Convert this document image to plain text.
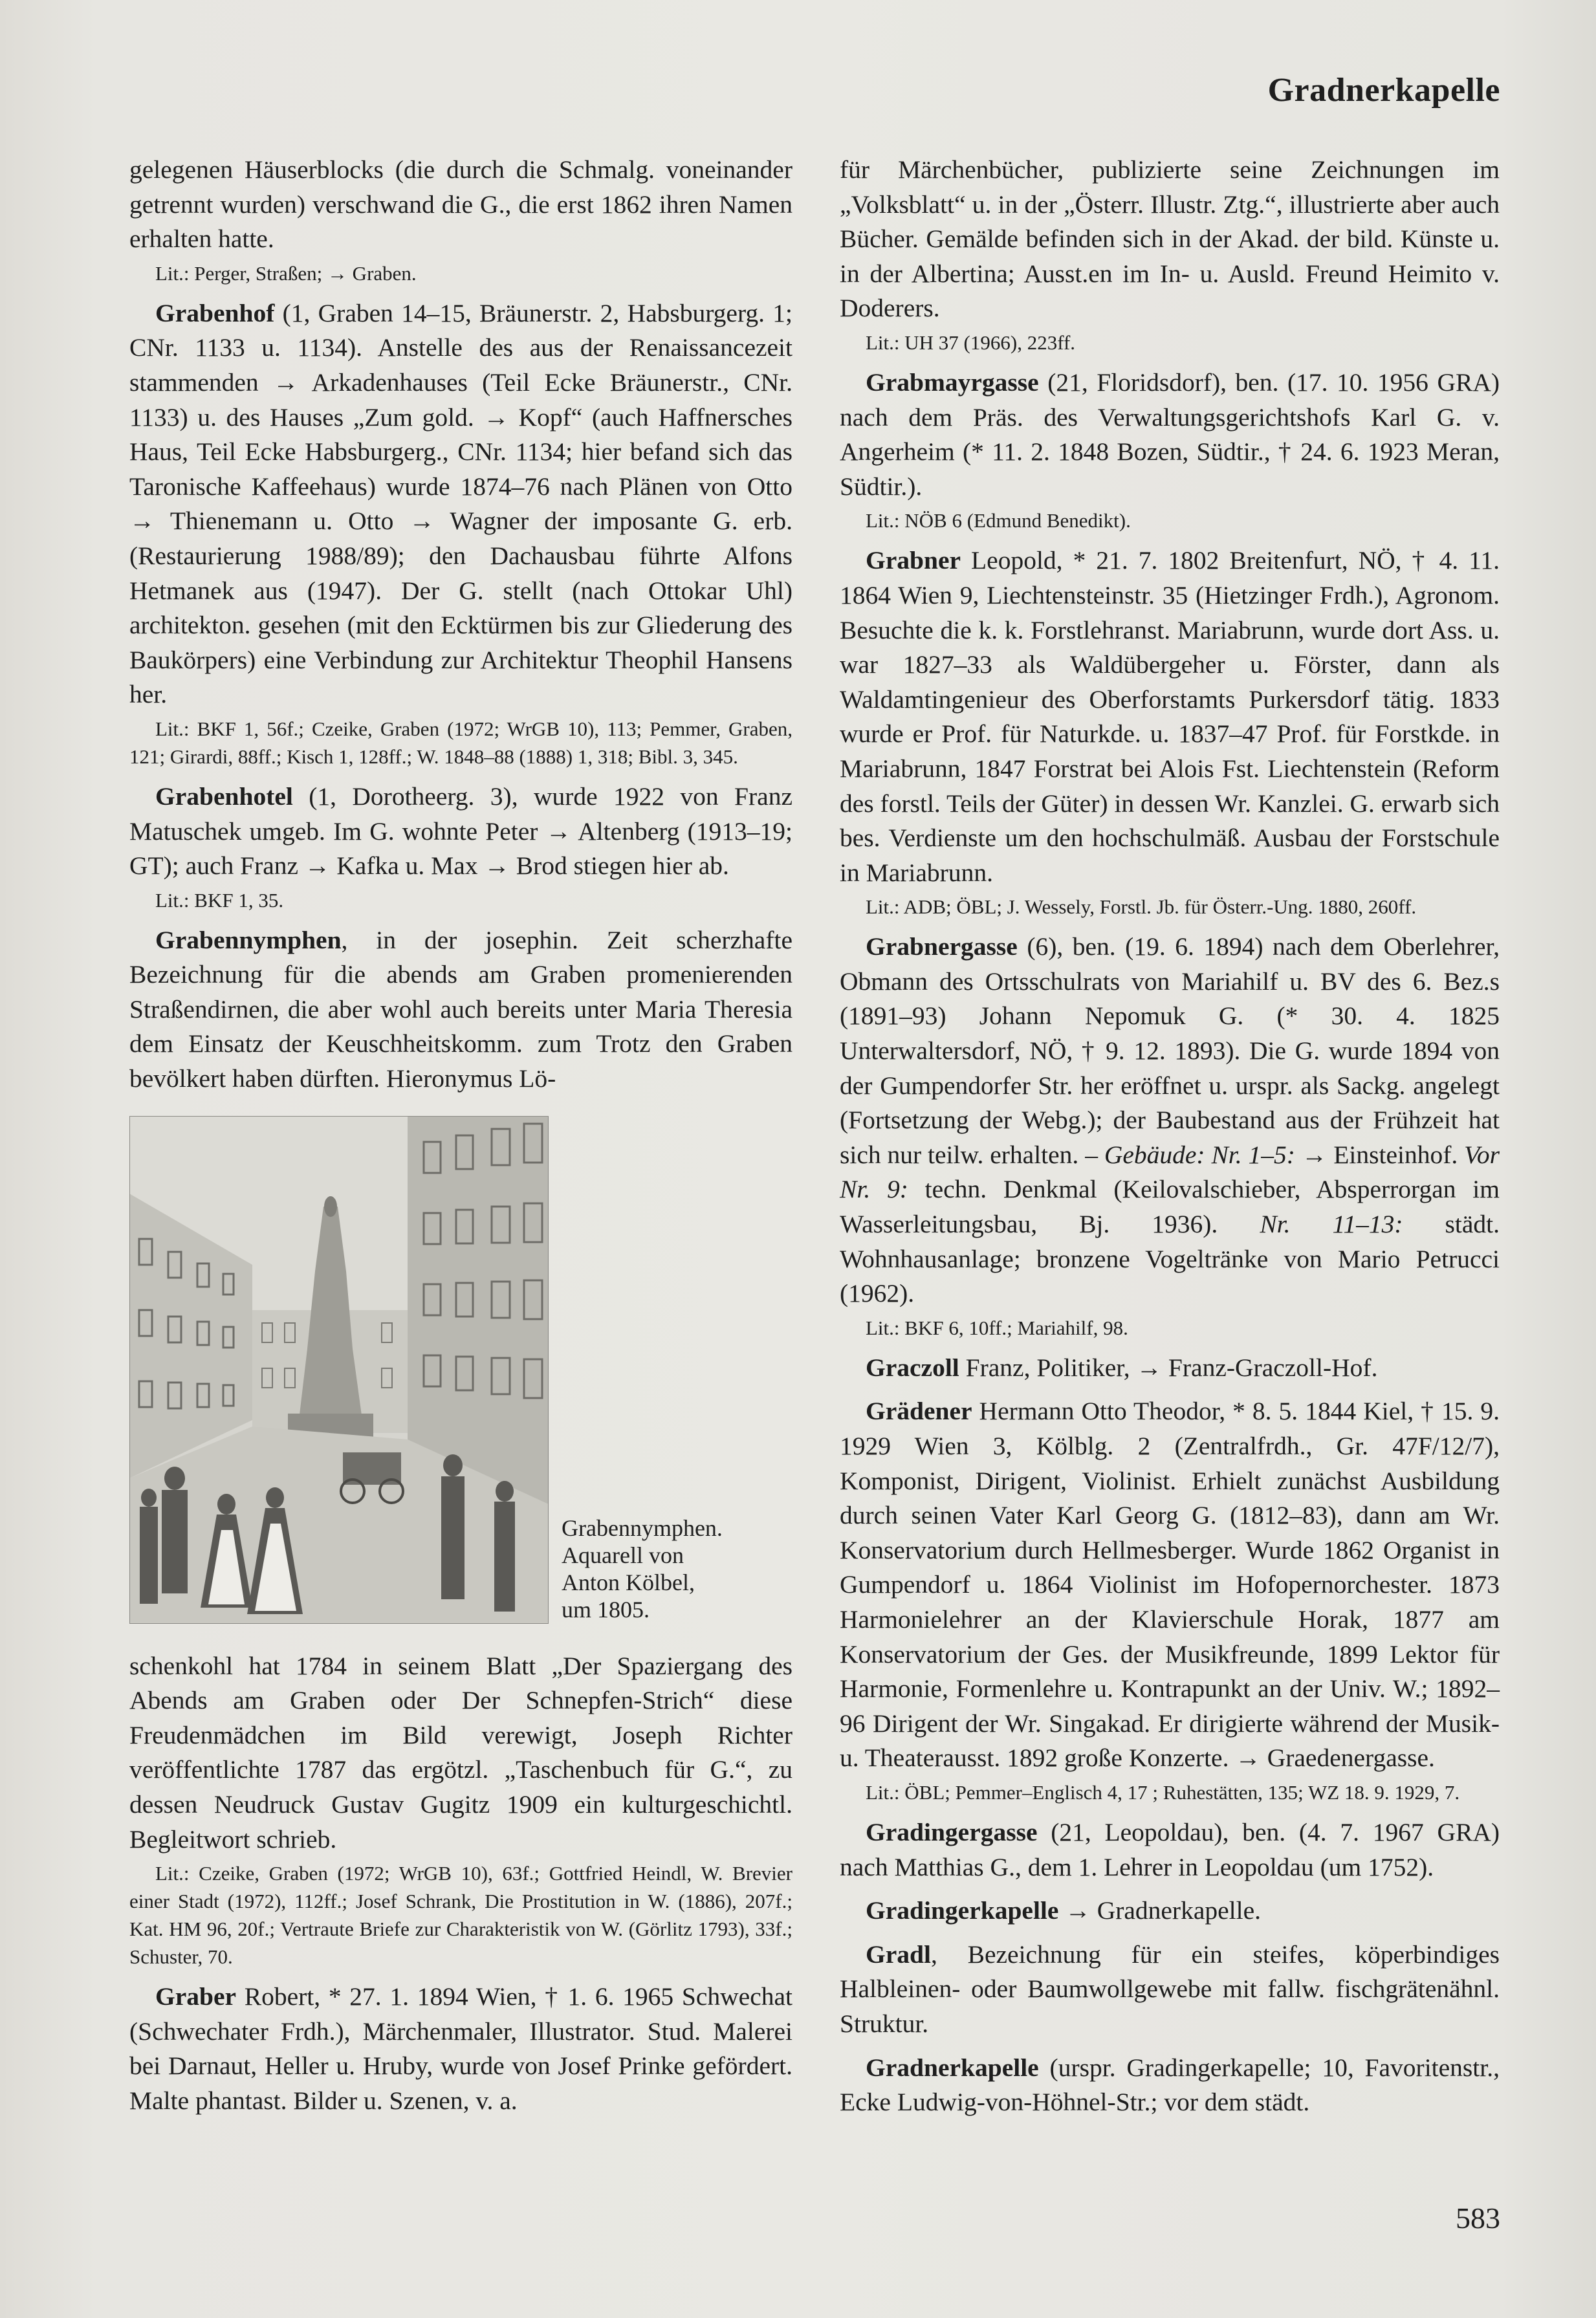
Gradnerkapelle

gelegenen Häuserblocks (die durch die Schmalg. voneinander getrennt wurden) verschwand die G., die erst 1862 ihren Namen erhalten hatte.

Lit.: Perger, Straßen; → Graben.

Grabenhof (1, Graben 14–15, Bräunerstr. 2, Habsburgerg. 1; CNr. 1133 u. 1134). Anstelle des aus der Renaissancezeit stammenden → Arkadenhauses (Teil Ecke Bräunerstr., CNr. 1133) u. des Hauses „Zum gold. → Kopf“ (auch Haffnersches Haus, Teil Ecke Habsburgerg., CNr. 1134; hier befand sich das Taronische Kaffeehaus) wurde 1874–76 nach Plänen von Otto → Thienemann u. Otto → Wagner der imposante G. erb. (Restaurierung 1988/89); den Dachausbau führte Alfons Hetmanek aus (1947). Der G. stellt (nach Ottokar Uhl) architekton. gesehen (mit den Ecktürmen bis zur Gliederung des Baukörpers) eine Verbindung zur Architektur Theophil Hansens her.

Lit.: BKF 1, 56f.; Czeike, Graben (1972; WrGB 10), 113; Pemmer, Graben, 121; Girardi, 88ff.; Kisch 1, 128ff.; W. 1848–88 (1888) 1, 318; Bibl. 3, 345.

Grabenhotel (1, Dorotheerg. 3), wurde 1922 von Franz Matuschek umgeb. Im G. wohnte Peter → Altenberg (1913–19; GT); auch Franz → Kafka u. Max → Brod stiegen hier ab.

Lit.: BKF 1, 35.

Grabennymphen, in der josephin. Zeit scherzhafte Bezeichnung für die abends am Graben promenierenden Straßendirnen, die aber wohl auch bereits unter Maria Theresia dem Einsatz der Keuschheitskomm. zum Trotz den Graben bevölkert haben dürften. Hieronymus Lö-

Grabennymphen.
Aquarell von
Anton Kölbel,
um 1805.

schenkohl hat 1784 in seinem Blatt „Der Spaziergang des Abends am Graben oder Der Schnepfen-Strich“ diese Freudenmädchen im Bild verewigt, Joseph Richter veröffentlichte 1787 das ergötzl. „Taschenbuch für G.“, zu dessen Neudruck Gustav Gugitz 1909 ein kulturgeschichtl. Begleitwort schrieb.

Lit.: Czeike, Graben (1972; WrGB 10), 63f.; Gottfried Heindl, W. Brevier einer Stadt (1972), 112ff.; Josef Schrank, Die Prostitution in W. (1886), 207f.; Kat. HM 96, 20f.; Vertraute Briefe zur Charakteristik von W. (Görlitz 1793), 33f.; Schuster, 70.

Graber Robert, * 27. 1. 1894 Wien, † 1. 6. 1965 Schwechat (Schwechater Frdh.), Märchenmaler, Illustrator. Stud. Malerei bei Darnaut, Heller u. Hruby, wurde von Josef Prinke gefördert. Malte phantast. Bilder u. Szenen, v. a.

für Märchenbücher, publizierte seine Zeichnungen im „Volksblatt“ u. in der „Österr. Illustr. Ztg.“, illustrierte aber auch Bücher. Gemälde befinden sich in der Akad. der bild. Künste u. in der Albertina; Ausst.en im In- u. Ausld. Freund Heimito v. Doderers.

Lit.: UH 37 (1966), 223ff.

Grabmayrgasse (21, Floridsdorf), ben. (17. 10. 1956 GRA) nach dem Präs. des Verwaltungsgerichtshofs Karl G. v. Angerheim (* 11. 2. 1848 Bozen, Südtir., † 24. 6. 1923 Meran, Südtir.).

Lit.: NÖB 6 (Edmund Benedikt).

Grabner Leopold, * 21. 7. 1802 Breitenfurt, NÖ, † 4. 11. 1864 Wien 9, Liechtensteinstr. 35 (Hietzinger Frdh.), Agronom. Besuchte die k. k. Forstlehranst. Mariabrunn, wurde dort Ass. u. war 1827–33 als Waldübergeher u. Förster, dann als Waldamtingenieur des Oberforstamts Purkersdorf tätig. 1833 wurde er Prof. für Naturkde. u. 1837–47 Prof. für Forstkde. in Mariabrunn, 1847 Forstrat bei Alois Fst. Liechtenstein (Reform des forstl. Teils der Güter) in dessen Wr. Kanzlei. G. erwarb sich bes. Verdienste um den hochschulmäß. Ausbau der Forstschule in Mariabrunn.

Lit.: ADB; ÖBL; J. Wessely, Forstl. Jb. für Österr.-Ung. 1880, 260ff.

Grabnergasse (6), ben. (19. 6. 1894) nach dem Oberlehrer, Obmann des Ortsschulrats von Mariahilf u. BV des 6. Bez.s (1891–93) Johann Nepomuk G. (* 30. 4. 1825 Unterwaltersdorf, NÖ, † 9. 12. 1893). Die G. wurde 1894 von der Gumpendorfer Str. her eröffnet u. urspr. als Sackg. angelegt (Fortsetzung der Webg.); der Baubestand aus der Frühzeit hat sich nur teilw. erhalten. – Gebäude: Nr. 1–5: → Einsteinhof. Vor Nr. 9: techn. Denkmal (Keilovalschieber, Absperrorgan im Wasserleitungsbau, Bj. 1936). Nr. 11–13: städt. Wohnhausanlage; bronzene Vogeltränke von Mario Petrucci (1962).

Lit.: BKF 6, 10ff.; Mariahilf, 98.

Graczoll Franz, Politiker, → Franz-Graczoll-Hof.

Grädener Hermann Otto Theodor, * 8. 5. 1844 Kiel, † 15. 9. 1929 Wien 3, Kölblg. 2 (Zentralfrdh., Gr. 47F/12/7), Komponist, Dirigent, Violinist. Erhielt zunächst Ausbildung durch seinen Vater Karl Georg G. (1812–83), dann am Wr. Konservatorium durch Hellmesberger. Wurde 1862 Organist in Gumpendorf u. 1864 Violinist im Hofopernorchester. 1873 Harmonielehrer an der Klavierschule Horak, 1877 am Konservatorium der Ges. der Musikfreunde, 1899 Lektor für Harmonie, Formenlehre u. Kontrapunkt an der Univ. W.; 1892–96 Dirigent der Wr. Singakad. Er dirigierte während der Musik- u. Theaterausst. 1892 große Konzerte. → Graedenergasse.

Lit.: ÖBL; Pemmer–Englisch 4, 17 ; Ruhestätten, 135; WZ 18. 9. 1929, 7.

Gradingergasse (21, Leopoldau), ben. (4. 7. 1967 GRA) nach Matthias G., dem 1. Lehrer in Leopoldau (um 1752).

Gradingerkapelle → Gradnerkapelle.

Gradl, Bezeichnung für ein steifes, köperbindiges Halbleinen- oder Baumwollgewebe mit fallw. fischgrätenähnl. Struktur.

Gradnerkapelle (urspr. Gradingerkapelle; 10, Favoritenstr., Ecke Ludwig-von-Höhnel-Str.; vor dem städt.

583
